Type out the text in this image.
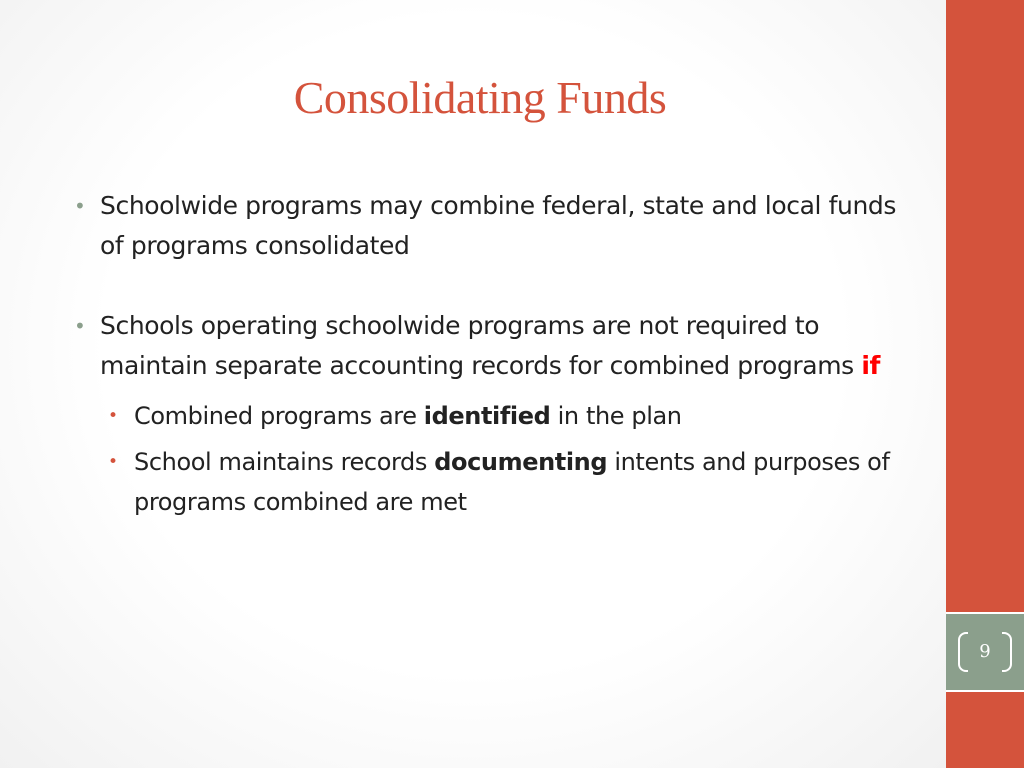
Consolidating Funds
• Schoolwide programs may combine federal, state and local funds of programs consolidated
• Schools operating schoolwide programs are not required to maintain separate accounting records for combined programs if
• Combined programs are identified in the plan
• School maintains records documenting intents and purposes of programs combined are met
9
